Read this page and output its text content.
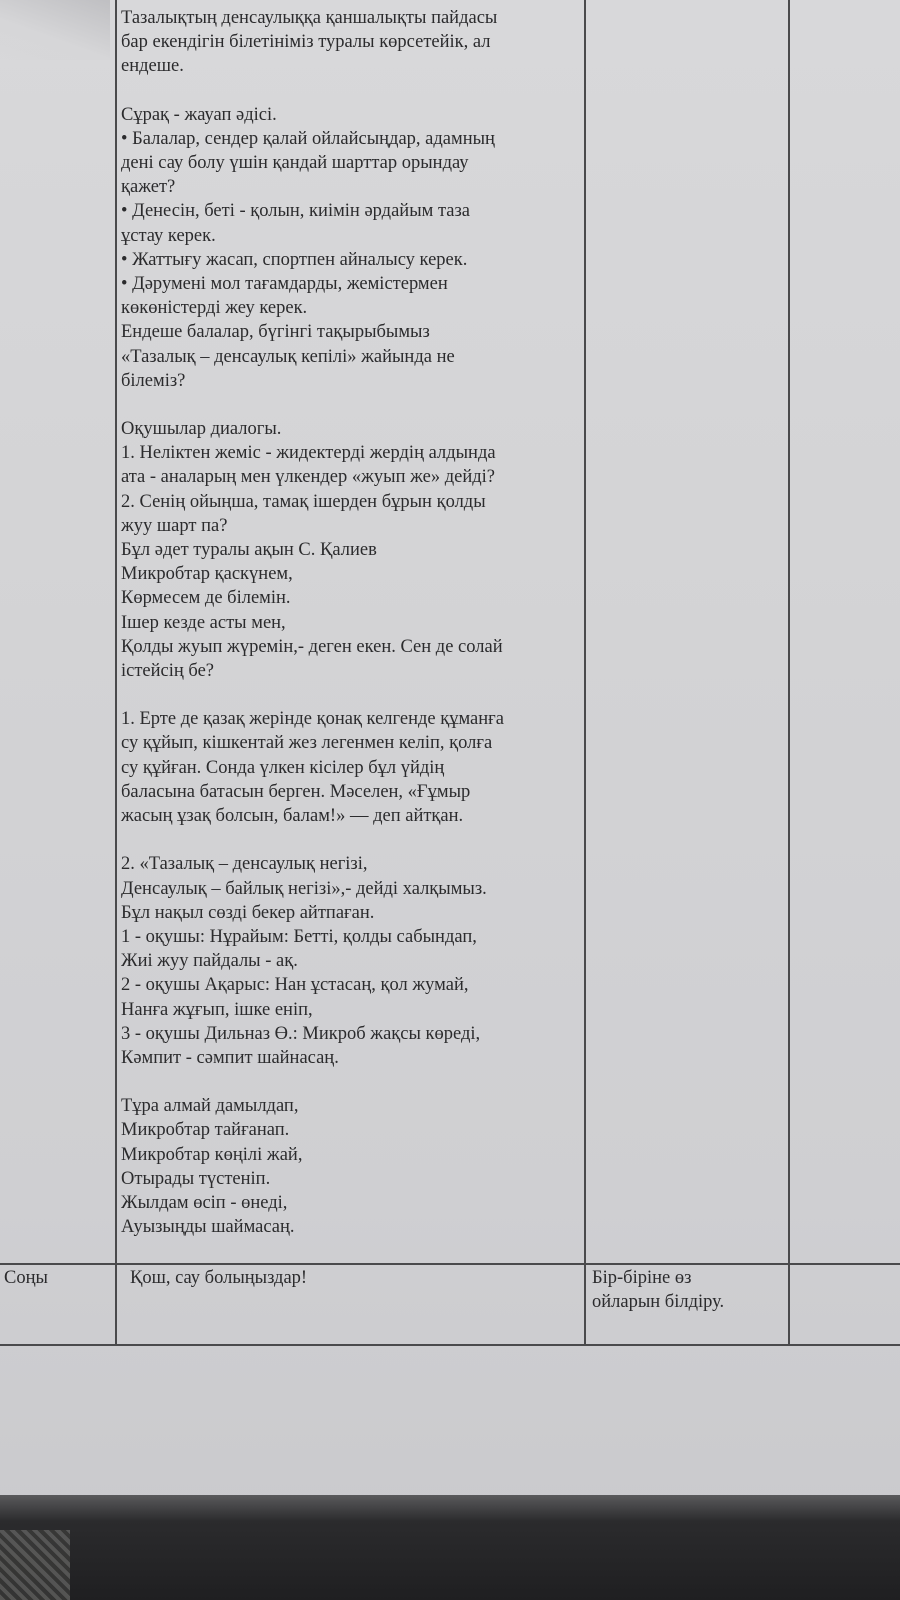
Тазалықтың денсаулыққа қаншалықты пайдасы

бар екендігін білетініміз туралы көрсетейік, ал

ендеше.

Сұрақ - жауап әдісі.

• Балалар, сендер қалай ойлайсыңдар, адамның

дені сау болу үшін қандай шарттар орындау

қажет?

• Денесін, беті - қолын, киімін әрдайым таза

ұстау керек.

• Жаттығу жасап, спортпен айналысу керек.

• Дәрумені мол тағамдарды, жемістермен

көкөністерді жеу керек.

Ендеше балалар, бүгінгі тақырыбымыз

«Тазалық – денсаулық кепілі» жайында не

білеміз?

Оқушылар диалогы.

1. Неліктен жеміс - жидектерді жердің алдында

ата - аналарың мен үлкендер «жуып же» дейді?

2. Сенің ойыңша, тамақ ішерден бұрын қолды

жуу шарт па?

Бұл әдет туралы ақын С. Қалиев

Микробтар қаскүнем,

Көрмесем де білемін.

Ішер кезде асты мен,

Қолды жуып жүремін,- деген екен. Сен де солай

істейсің бе?

1. Ерте де қазақ жерінде қонақ келгенде құманға

су құйып, кішкентай жез легенмен келіп, қолға

су құйған. Сонда үлкен кісілер бұл үйдің

баласына батасын берген. Мәселен, «Ғұмыр

жасың ұзақ болсын, балам!» — деп айтқан.

2. «Тазалық – денсаулық негізі,

Денсаулық – байлық негізі»,- дейді халқымыз.

Бұл нақыл сөзді бекер айтпаған.

1 - оқушы: Нұрайым: Бетті, қолды сабындап,

Жиі жуу пайдалы - ақ.

2 - оқушы Ақарыс: Нан ұстасаң, қол жумай,

Нанға жұғып, ішке еніп,

3 - оқушы Дильназ Ө.: Микроб жақсы көреді,

Кәмпит - сәмпит шайнасаң.

Тұра алмай дамылдап,

Микробтар тайғанап.

Микробтар көңілі жай,

Отырады түстеніп.

Жылдам өсіп - өнеді,

Ауызыңды шаймасаң.

Соңы	Қош, сау болыңыздар!	Бір-біріне өз
ойларын білдіру.
